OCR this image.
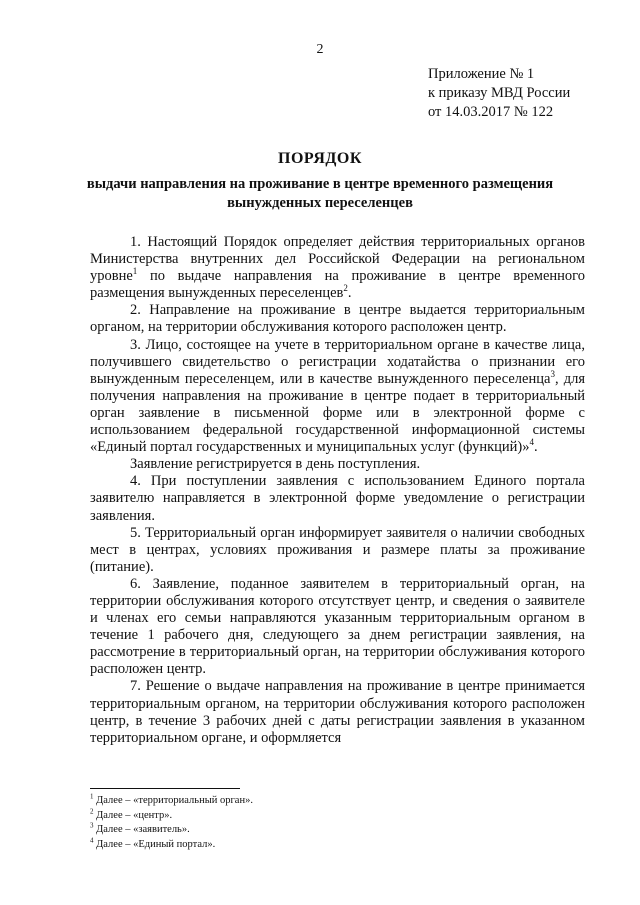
2
Приложение № 1
к приказу МВД России
от 14.03.2017 № 122
ПОРЯДОК
выдачи направления на проживание в центре временного размещения вынужденных переселенцев

1. Настоящий Порядок определяет действия территориальных органов Министерства внутренних дел Российской Федерации на региональном уровне$^1$ по выдаче направления на проживание в центре временного размещения вынужденных переселенцев$^2$.

2. Направление на проживание в центре выдается территориальным органом, на территории обслуживания которого расположен центр.

3. Лицо, состоящее на учете в территориальном органе в качестве лица, получившего свидетельство о регистрации ходатайства о признании его вынужденным переселенцем, или в качестве вынужденного переселенца$^3$, для получения направления на проживание в центре подает в территориальный орган заявление в письменной форме или в электронной форме с использованием федеральной государственной информационной системы «Единый портал государственных и муниципальных услуг (функций)»$^4$.

Заявление регистрируется в день поступления.

4. При поступлении заявления с использованием Единого портала заявителю направляется в электронной форме уведомление о регистрации заявления.

5. Территориальный орган информирует заявителя о наличии свободных мест в центрах, условиях проживания и размере платы за проживание (питание).

6. Заявление, поданное заявителем в территориальный орган, на территории обслуживания которого отсутствует центр, и сведения о заявителе и членах его семьи направляются указанным территориальным органом в течение 1 рабочего дня, следующего за днем регистрации заявления, на рассмотрение в территориальный орган, на территории обслуживания которого расположен центр.

7. Решение о выдаче направления на проживание в центре принимается территориальным органом, на территории обслуживания которого расположен центр, в течение 3 рабочих дней с даты регистрации заявления в указанном территориальном органе, и оформляется

$^1$ Далее – «территориальный орган».
$^2$ Далее – «центр».
$^3$ Далее – «заявитель».
$^4$ Далее – «Единый портал».
